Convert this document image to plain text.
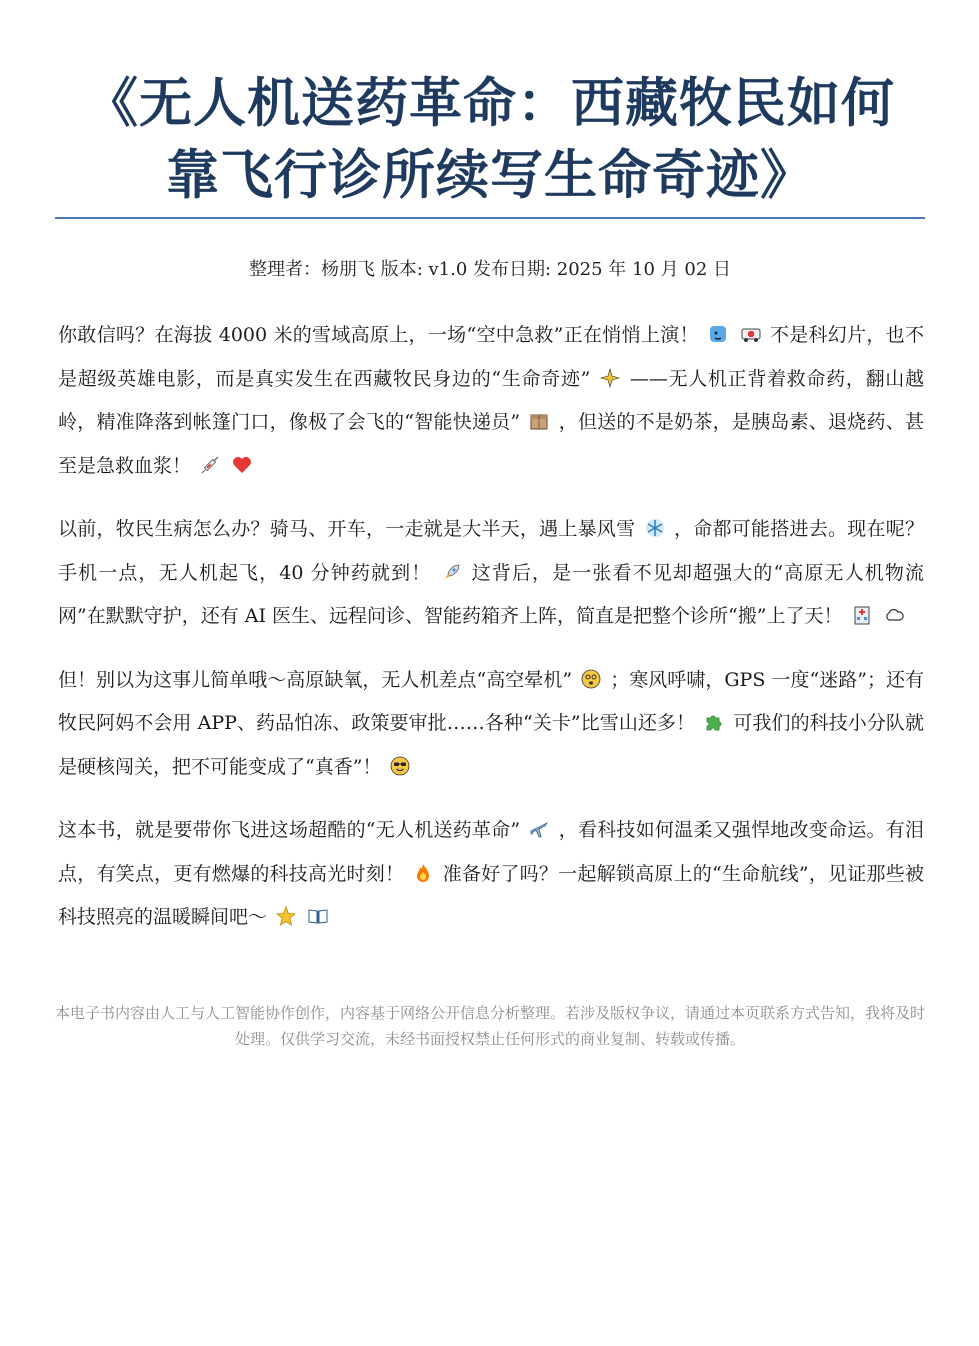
《无人机送药革命：西藏牧民如何
靠飞行诊所续写生命奇迹》
整理者：杨朋飞 版本: v1.0 发布日期: 2025 年 10 月 02 日

你敢信吗？在海拔 4000 米的雪域高原上，一场“空中急救”正在悄悄上演！
	不是科幻片，也不是超级英雄电影，而是真实发生在西藏牧民身边的“生命奇迹” ——无人机正背着救命药，翻山越岭，精准降落到帐篷门口，像极了会飞的“智能快递员” ，但送的不是奶茶，是胰岛素、退烧药、甚至是急救血浆！

以前，牧民生病怎么办？骑马、开车，一走就是大半天，遇上暴风雪 ，命都可能搭进去。现在呢？手机一点，无人机起飞，40 分钟药就到！ 这背后，是一张看不见却超强大的“高原无人机物流网”在默默守护，还有 AI 医生、远程问诊、智能药箱齐上阵，简直是把整个诊所“搬”上了天！

但！别以为这事儿简单哦～高原缺氧，无人机差点“高空晕机” ；寒风呼啸，GPS 一度“迷路”；还有牧民阿妈不会用 APP、药品怕冻、政策要审批……各种“关卡”比雪山还多！ 可我们的科技小分队就是硬核闯关，把不可能变成了“真香”！

这本书，就是要带你飞进这场超酷的“无人机送药革命” ，看科技如何温柔又强悍地改变命运。有泪点，有笑点，更有燃爆的科技高光时刻！ 准备好了吗？一起解锁高原上的“生命航线”，见证那些被科技照亮的温暖瞬间吧～

本电子书内容由人工与人工智能协作创作，内容基于网络公开信息分析整理。若涉及版权争议，请通过本页联系方式告知，我将及时处理。仅供学习交流，未经书面授权禁止任何形式的商业复制、转载或传播。
